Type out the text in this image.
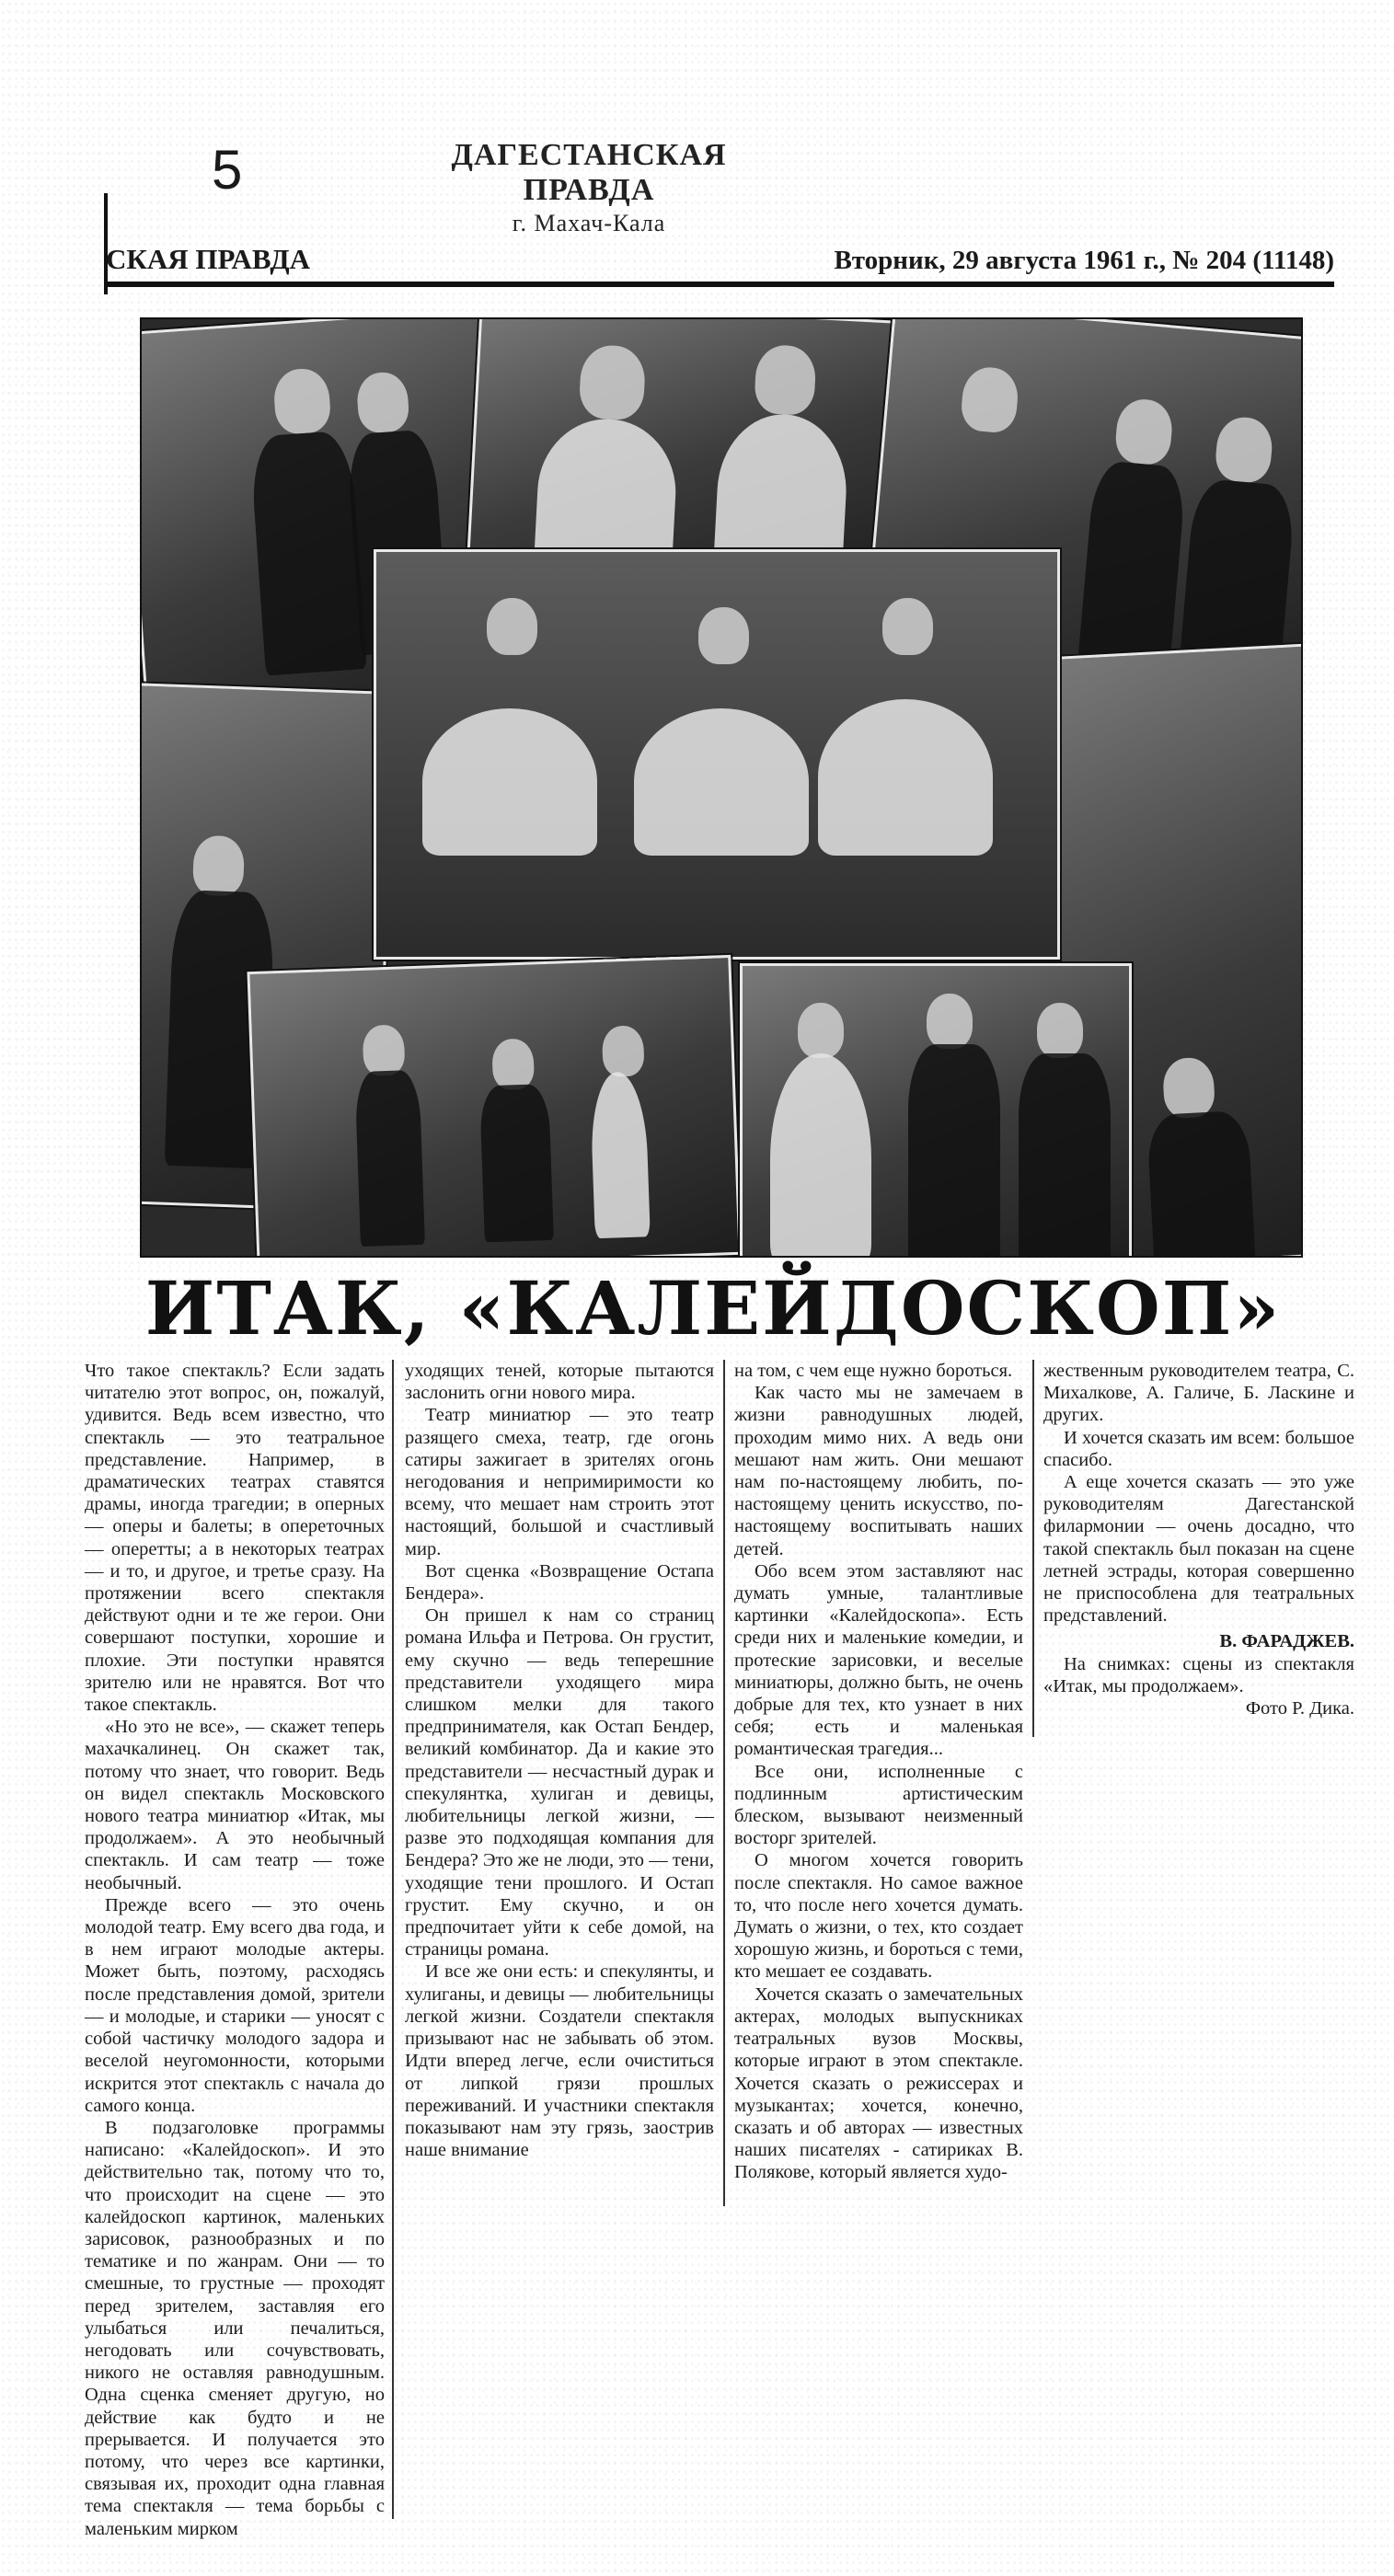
5	ДАГЕСТАНСКАЯ ПРАВДА
г. Махач-Кала
СКАЯ ПРАВДА	Вторник, 29 августа 1961 г., № 204 (11148)
ИТАК, «КАЛЕЙДОСКОП»

Что такое спектакль? Если задать читателю этот вопрос, он, пожалуй, удивится. Ведь всем известно, что спектакль — это театральное представление. Например, в драматических театрах ставятся драмы, иногда трагедии; в оперных — оперы и балеты; в опереточных — оперетты; а в некоторых театрах — и то, и другое, и третье сразу. На протяжении всего спектакля действуют одни и те же герои. Они совершают поступки, хорошие и плохие. Эти поступки нравятся зрителю или не нравятся. Вот что такое спектакль.

«Но это не все», — скажет теперь махачкалинец. Он скажет так, потому что знает, что говорит. Ведь он видел спектакль Московского нового театра миниатюр «Итак, мы продолжаем». А это необычный спектакль. И сам театр — тоже необычный.

Прежде всего — это очень молодой театр. Ему всего два года, и в нем играют молодые актеры. Может быть, поэтому, расходясь после представления домой, зрители — и молодые, и старики — уносят с собой частичку молодого задора и веселой неугомонности, которыми искрится этот спектакль с начала до самого конца.

В подзаголовке программы написано: «Калейдоскоп». И это действительно так, потому что то, что происходит на сцене — это калейдоскоп картинок, маленьких зарисовок, разнообразных и по тематике и по жанрам. Они — то смешные, то грустные — проходят перед зрителем, заставляя его улыбаться или печалиться, негодовать или сочувствовать, никого не оставляя равнодушным. Одна сценка сменяет другую, но действие как будто и не прерывается. И получается это потому, что через все картинки, связывая их, проходит одна главная тема спектакля — тема борьбы с маленьким мирком

уходящих теней, которые пытаются заслонить огни нового мира.

Театр миниатюр — это театр разящего смеха, театр, где огонь сатиры зажигает в зрителях огонь негодования и непримиримости ко всему, что мешает нам строить этот настоящий, большой и счастливый мир.

Вот сценка «Возвращение Остапа Бендера».

Он пришел к нам со страниц романа Ильфа и Петрова. Он грустит, ему скучно — ведь теперешние представители уходящего мира слишком мелки для такого предпринимателя, как Остап Бендер, великий комбинатор. Да и какие это представители — несчастный дурак и спекулянтка, хулиган и девицы, любительницы легкой жизни, — разве это подходящая компания для Бендера? Это же не люди, это — тени, уходящие тени прошлого. И Остап грустит. Ему скучно, и он предпочитает уйти к себе домой, на страницы романа.

И все же они есть: и спекулянты, и хулиганы, и девицы — любительницы легкой жизни. Создатели спектакля призывают нас не забывать об этом. Идти вперед легче, если очиститься от липкой грязи прошлых переживаний. И участники спектакля показывают нам эту грязь, заострив наше внимание

на том, с чем еще нужно бороться.

Как часто мы не замечаем в жизни равнодушных людей, проходим мимо них. А ведь они мешают нам жить. Они мешают нам по-настоящему любить, по-настоящему ценить искусство, по-настоящему воспитывать наших детей.

Обо всем этом заставляют нас думать умные, талантливые картинки «Калейдоскопа». Есть среди них и маленькие комедии, и протеские зарисовки, и веселые миниатюры, должно быть, не очень добрые для тех, кто узнает в них себя; есть и маленькая романтическая трагедия...

Все они, исполненные с подлинным артистическим блеском, вызывают неизменный восторг зрителей.

О многом хочется говорить после спектакля. Но самое важное то, что после него хочется думать. Думать о жизни, о тех, кто создает хорошую жизнь, и бороться с теми, кто мешает ее создавать.

Хочется сказать о замечательных актерах, молодых выпускниках театральных вузов Москвы, которые играют в этом спектакле. Хочется сказать о режиссерах и музыкантах; хочется, конечно, сказать и об авторах — известных наших писателях - сатириках В. Полякове, который является худо-

жественным руководителем театра, С. Михалкове, А. Галиче, Б. Ласкине и других.

И хочется сказать им всем: большое спасибо.

А еще хочется сказать — это уже руководителям Дагестанской филармонии — очень досадно, что такой спектакль был показан на сцене летней эстрады, которая совершенно не приспособлена для театральных представлений.

В. ФАРАДЖЕВ.

На снимках: сцены из спектакля «Итак, мы продолжаем».

Фото Р. Дика.
